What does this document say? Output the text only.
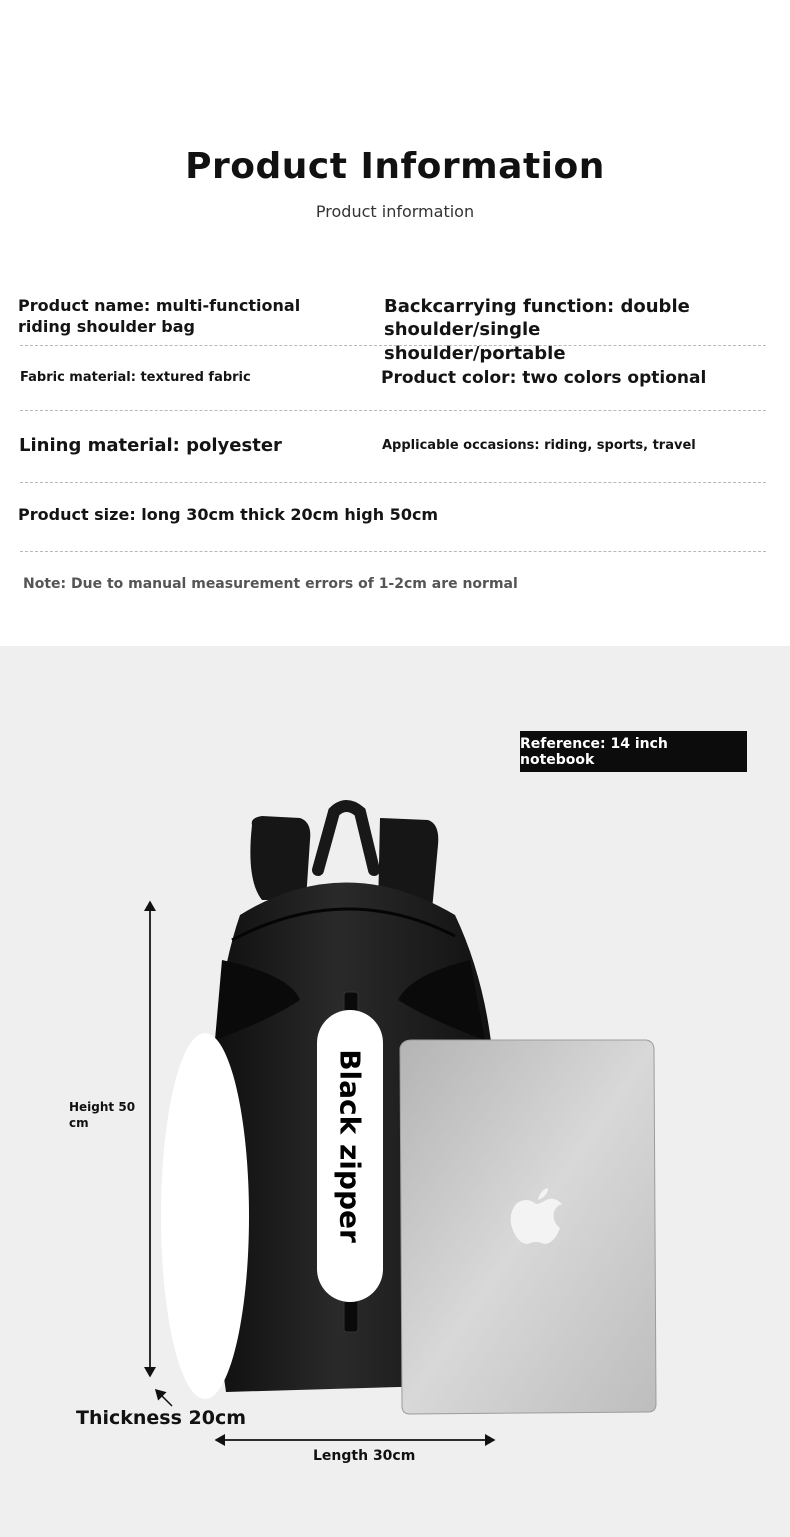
Product Information
Product information
Product name: multi-functional riding shoulder bag
Backcarrying function: double shoulder/single shoulder/portable
Fabric material: textured fabric	Product color: two colors optional
Lining material: polyester	Applicable occasions: riding, sports, travel
Product size: long 30cm thick 20cm high 50cm
Note: Due to manual measurement errors of 1-2cm are normal
Reference: 14 inch notebook
Black zipper
Height 50 cm
Thickness 20cm
Length 30cm
